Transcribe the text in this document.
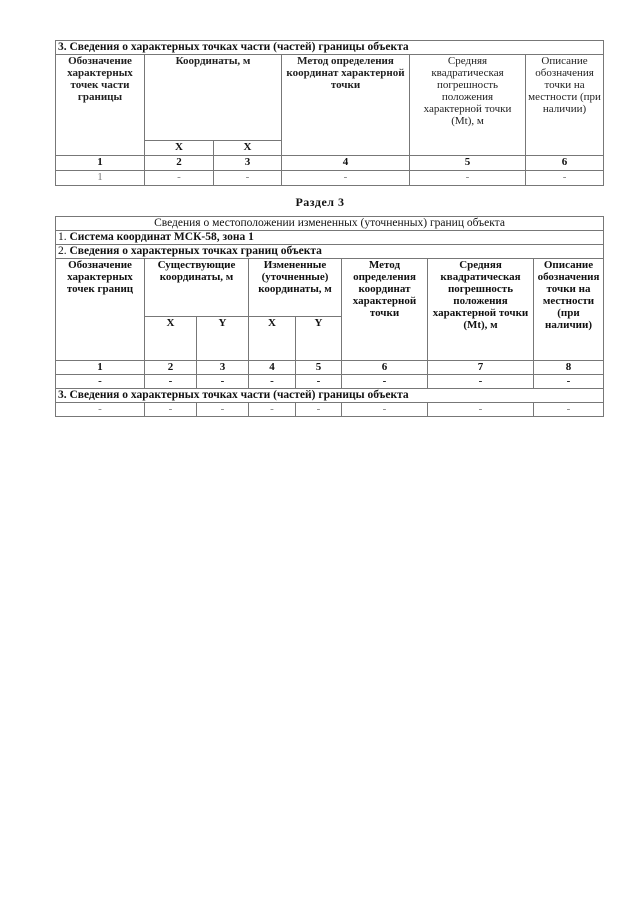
3. Сведения о характерных точках части (частей) границы объекта					
Обозначение характерных точек части границы	Координаты, м		Метод определения координат характерной точки	Средняя квадратическая погрешность положения характерной точки (Mt), м	Описание обозначения точки на местности (при наличии)
	X	X			
1	2	3	4	5	6
1	-	-	-	-	-
Раздел 3
Сведения о местоположении измененных (уточненных) границ объекта							
1. Система координат МСК-58, зона 1							
2. Сведения о характерных точках границ объекта							
Обозначение характерных точек границ	Существующие координаты, м		Измененные (уточненные) координаты, м		Метод определения координат характерной точки	Средняя квадратическая погрешность положения характерной точки (Mt), м	Описание обозначения точки на местности (при наличии)
	X	Y	X	Y			
1	2	3	4	5	6	7	8
-	-	-	-	-	-	-	-
3. Сведения о характерных точках части (частей) границы объекта							
-	-	-	-	-	-	-	-
